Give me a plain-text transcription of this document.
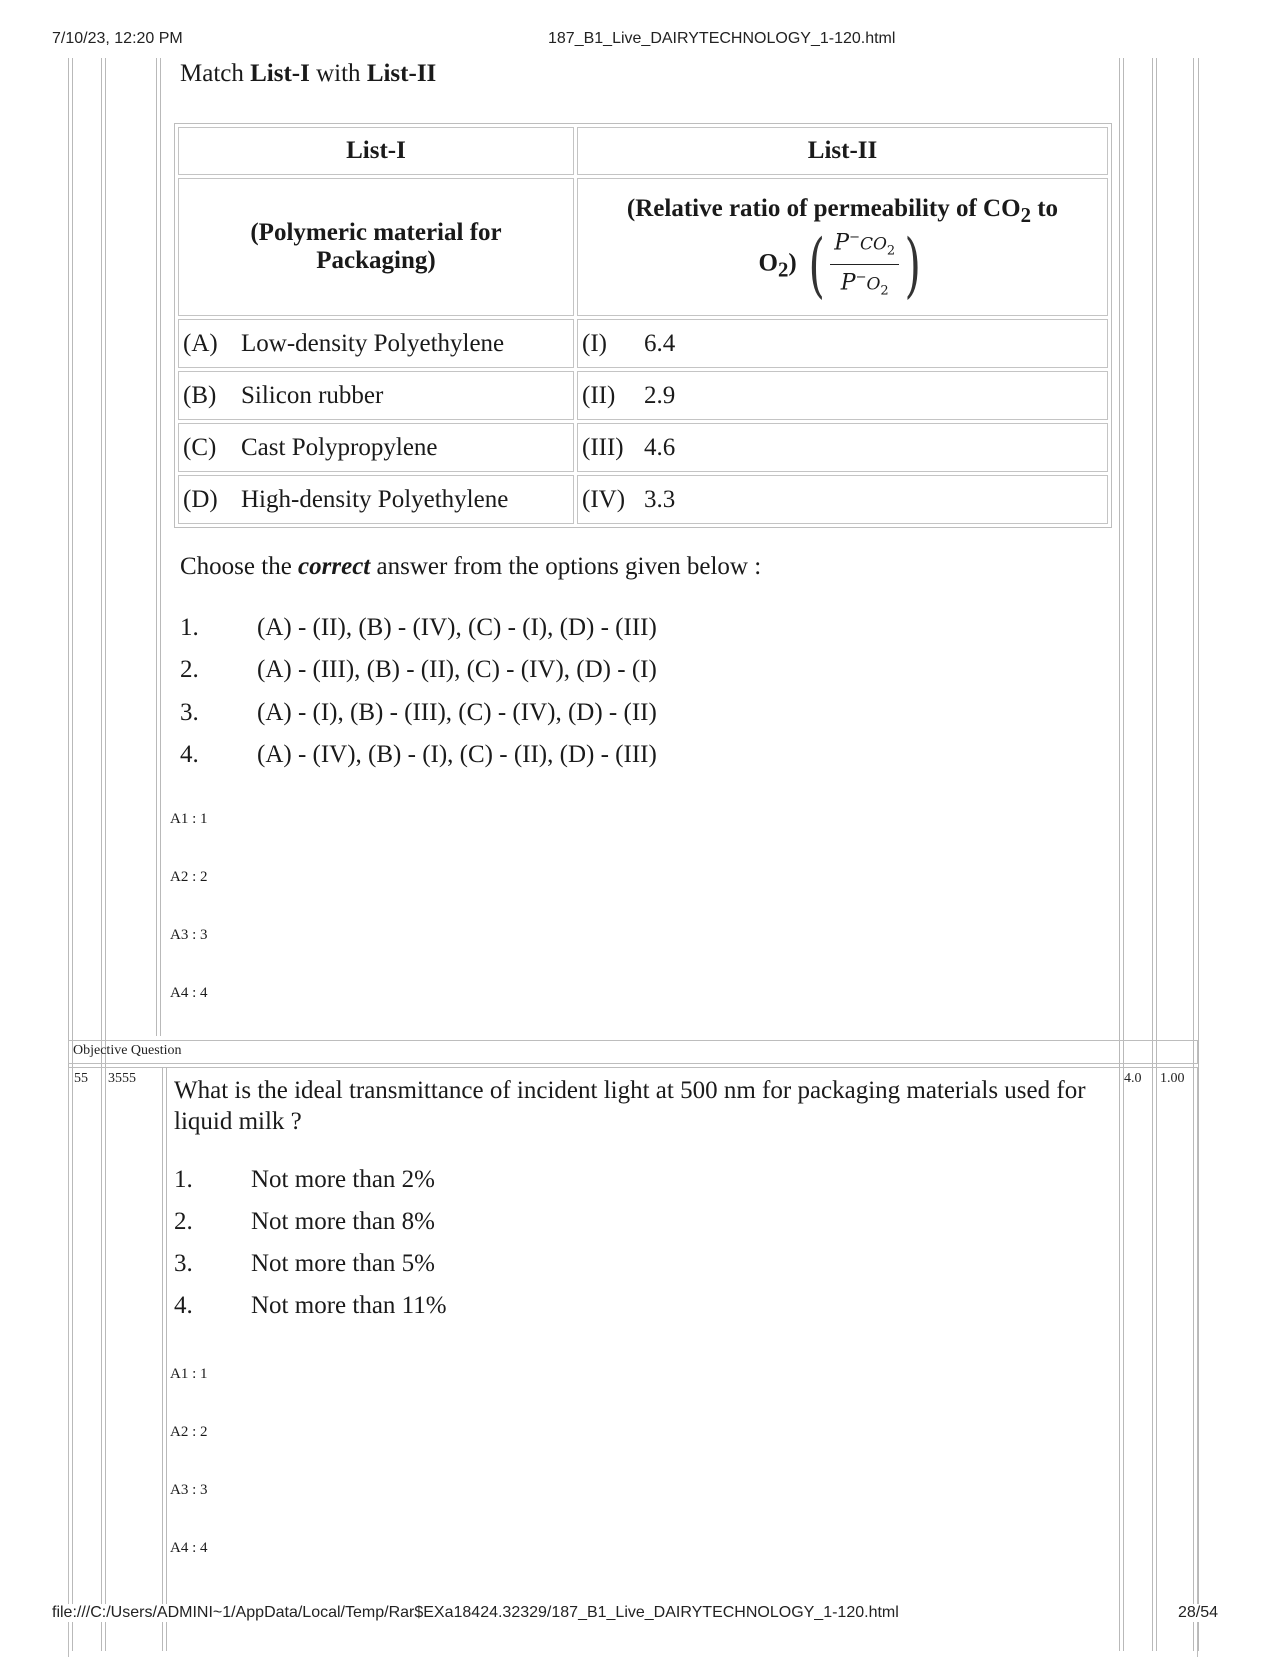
7/10/23, 12:20 PM	187_B1_Live_DAIRYTECHNOLOGY_1-120.html
Match List-I with List-II
List-I	List-II

(Polymeric material for Packaging)	(Relative ratio of permeability of $CO_2$ to
$O_2$) ( $\frac{P^-CO_2}{P^-O_2}$ )

(A) Low-density Polyethylene	(I) 6.4
(B) Silicon rubber	(II) 2.9
(C) Cast Polypropylene	(III) 4.6
(D) High-density Polyethylene	(IV) 3.3
Choose the correct answer from the options given below :
1. (A) - (II), (B) - (IV), (C) - (I), (D) - (III)
2. (A) - (III), (B) - (II), (C) - (IV), (D) - (I)
3. (A) - (I), (B) - (III), (C) - (IV), (D) - (II)
4. (A) - (IV), (B) - (I), (C) - (II), (D) - (III)
A1 : 1
A2 : 2
A3 : 3
A4 : 4
Objective Question
55 3555	4.0 1.00
What is the ideal transmittance of incident light at 500 nm for packaging materials used for liquid milk ?
1. Not more than 2%
2. Not more than 8%
3. Not more than 5%
4. Not more than 11%
A1 : 1
A2 : 2
A3 : 3
A4 : 4
file:///C:/Users/ADMINI~1/AppData/Local/Temp/Rar$EXa18424.32329/187_B1_Live_DAIRYTECHNOLOGY_1-120.html	28/54
